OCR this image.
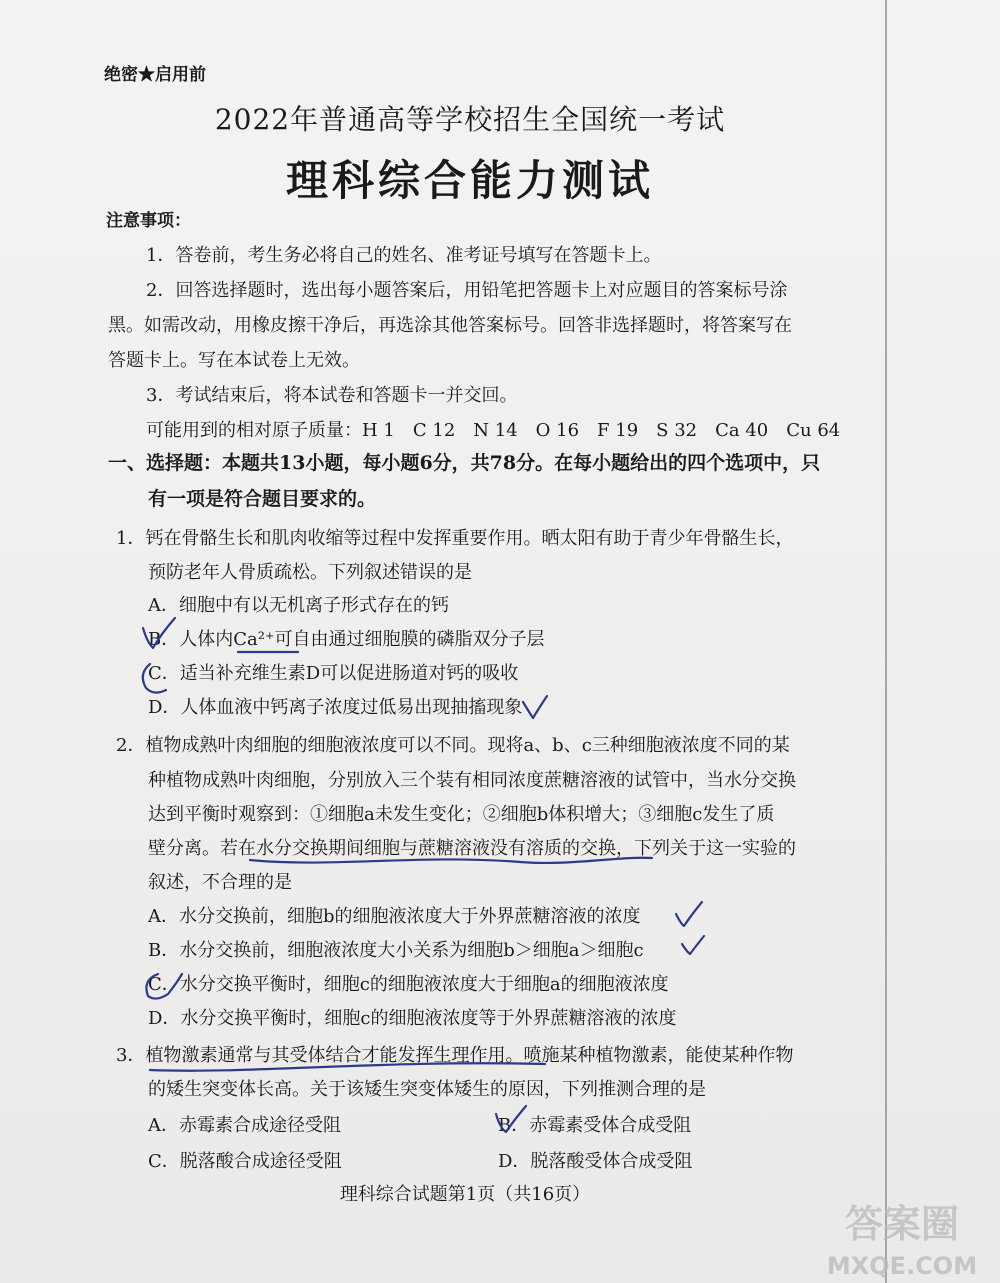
绝密★启用前
2022年普通高等学校招生全国统一考试
理科综合能力测试
注意事项：
1．答卷前，考生务必将自己的姓名、准考证号填写在答题卡上。
2．回答选择题时，选出每小题答案后，用铅笔把答题卡上对应题目的答案标号涂
黑。如需改动，用橡皮擦干净后，再选涂其他答案标号。回答非选择题时，将答案写在
答题卡上。写在本试卷上无效。
3．考试结束后，将本试卷和答题卡一并交回。
可能用到的相对原子质量：H 1　C 12　N 14　O 16　F 19　S 32　Ca 40　Cu 64
一、选择题：本题共13小题，每小题6分，共78分。在每小题给出的四个选项中，只
有一项是符合题目要求的。
1．钙在骨骼生长和肌肉收缩等过程中发挥重要作用。晒太阳有助于青少年骨骼生长，
预防老年人骨质疏松。下列叙述错误的是
A．细胞中有以无机离子形式存在的钙
B．人体内Ca²⁺可自由通过细胞膜的磷脂双分子层
C．适当补充维生素D可以促进肠道对钙的吸收
D．人体血液中钙离子浓度过低易出现抽搐现象
2．植物成熟叶肉细胞的细胞液浓度可以不同。现将a、b、c三种细胞液浓度不同的某
种植物成熟叶肉细胞，分别放入三个装有相同浓度蔗糖溶液的试管中，当水分交换
达到平衡时观察到：①细胞a未发生变化；②细胞b体积增大；③细胞c发生了质
壁分离。若在水分交换期间细胞与蔗糖溶液没有溶质的交换，下列关于这一实验的
叙述，不合理的是
A．水分交换前，细胞b的细胞液浓度大于外界蔗糖溶液的浓度
B．水分交换前，细胞液浓度大小关系为细胞b＞细胞a＞细胞c
C．水分交换平衡时，细胞c的细胞液浓度大于细胞a的细胞液浓度
D．水分交换平衡时，细胞c的细胞液浓度等于外界蔗糖溶液的浓度
3．植物激素通常与其受体结合才能发挥生理作用。喷施某种植物激素，能使某种作物
的矮生突变体长高。关于该矮生突变体矮生的原因，下列推测合理的是
A．赤霉素合成途径受阻	B．赤霉素受体合成受阻
C．脱落酸合成途径受阻	D．脱落酸受体合成受阻
理科综合试题第1页（共16页）
答案圈
MXQE.COM
